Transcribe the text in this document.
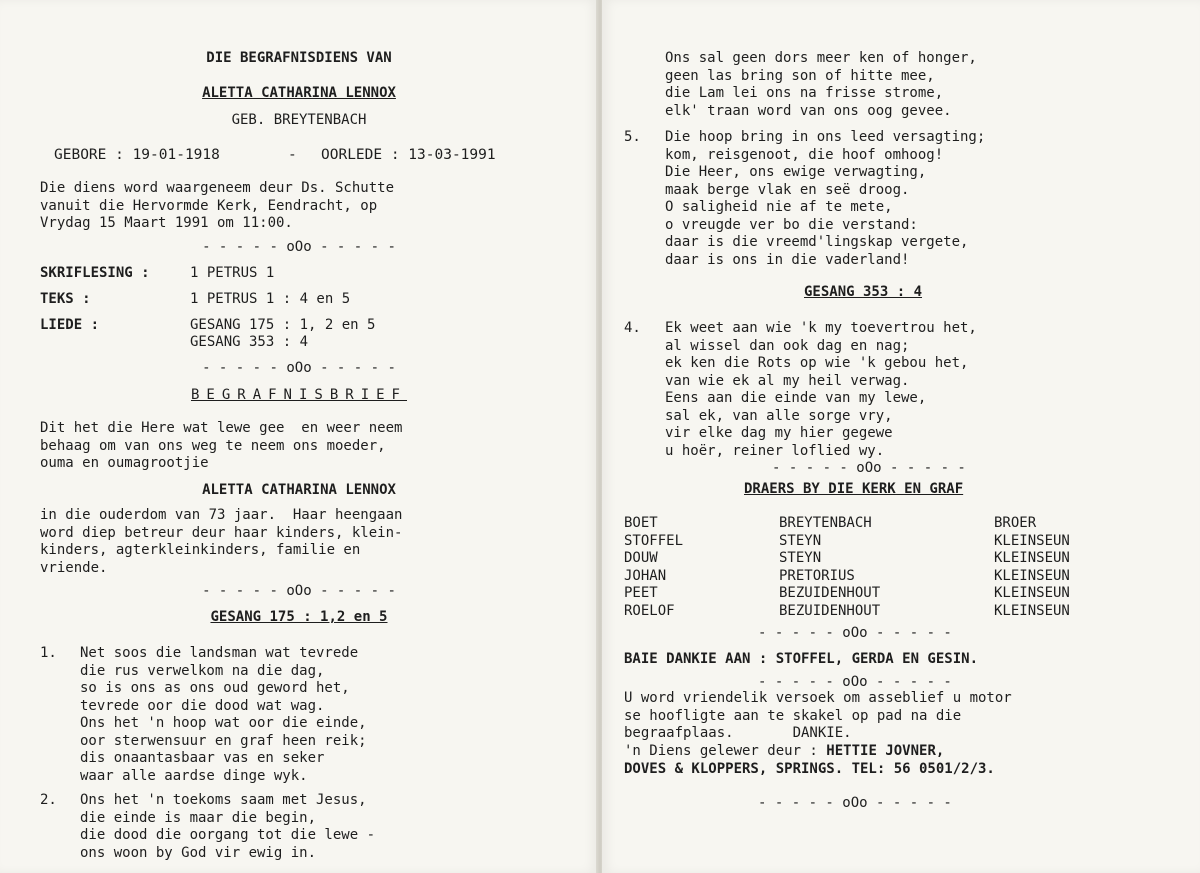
DIE BEGRAFNISDIENS VAN
ALETTA CATHARINA LENNOX
GEB. BREYTENBACH
GEBORE : 19-01-1918	- OORLEDE : 13-03-1991
Die diens word waargeneem deur Ds. Schutte
vanuit die Hervormde Kerk, Eendracht, op
Vrydag 15 Maart 1991 om 11:00.
- - - - - oOo - - - - -
SKRIFLESING :	1 PETRUS 1
TEKS :	1 PETRUS 1 : 4 en 5
LIEDE :	GESANG 175 : 1, 2 en 5
GESANG 353 : 4
- - - - - oOo - - - - -
BEGRAFNISBRIEF
Dit het die Here wat lewe gee  en weer neem
behaag om van ons weg te neem ons moeder,
ouma en oumagrootjie
ALETTA CATHARINA LENNOX
in die ouderdom van 73 jaar.  Haar heengaan
word diep betreur deur haar kinders, klein-
kinders, agterkleinkinders, familie en
vriende.
- - - - - oOo - - - - -
GESANG 175 : 1,2 en 5
1. Net soos die landsman wat tevrede
die rus verwelkom na die dag,
so is ons as ons oud geword het,
tevrede oor die dood wat wag.
Ons het 'n hoop wat oor die einde,
oor sterwensuur en graf heen reik;
dis onaantasbaar vas en seker
waar alle aardse dinge wyk.
2. Ons het 'n toekoms saam met Jesus,
die einde is maar die begin,
die dood die oorgang tot die lewe -
ons woon by God vir ewig in.
Ons sal geen dors meer ken of honger,
geen las bring son of hitte mee,
die Lam lei ons na frisse strome,
elk' traan word van ons oog gevee.
5. Die hoop bring in ons leed versagting;
kom, reisgenoot, die hoof omhoog!
Die Heer, ons ewige verwagting,
maak berge vlak en seë droog.
O saligheid nie af te mete,
o vreugde ver bo die verstand:
daar is die vreemd'lingskap vergete,
daar is ons in die vaderland!
GESANG 353 : 4
4. Ek weet aan wie 'k my toevertrou het,
al wissel dan ook dag en nag;
ek ken die Rots op wie 'k gebou het,
van wie ek al my heil verwag.
Eens aan die einde van my lewe,
sal ek, van alle sorge vry,
vir elke dag my hier gegewe
u hoër, reiner loflied wy.
- - - - - oOo - - - - -
DRAERS BY DIE KERK EN GRAF
BOET	BREYTENBACH	BROER
STOFFEL	STEYN	KLEINSEUN
DOUW	STEYN	KLEINSEUN
JOHAN	PRETORIUS	KLEINSEUN
PEET	BEZUIDENHOUT	KLEINSEUN
ROELOF	BEZUIDENHOUT	KLEINSEUN
- - - - - oOo - - - - -
BAIE DANKIE AAN : STOFFEL, GERDA EN GESIN.
- - - - - oOo - - - - -
U word vriendelik versoek om asseblief u motor
se hoofligte aan te skakel op pad na die
begraafplaas.       DANKIE.
'n Diens gelewer deur : HETTIE JOVNER,
DOVES & KLOPPERS, SPRINGS. TEL: 56 0501/2/3.
- - - - - oOo - - - - -
